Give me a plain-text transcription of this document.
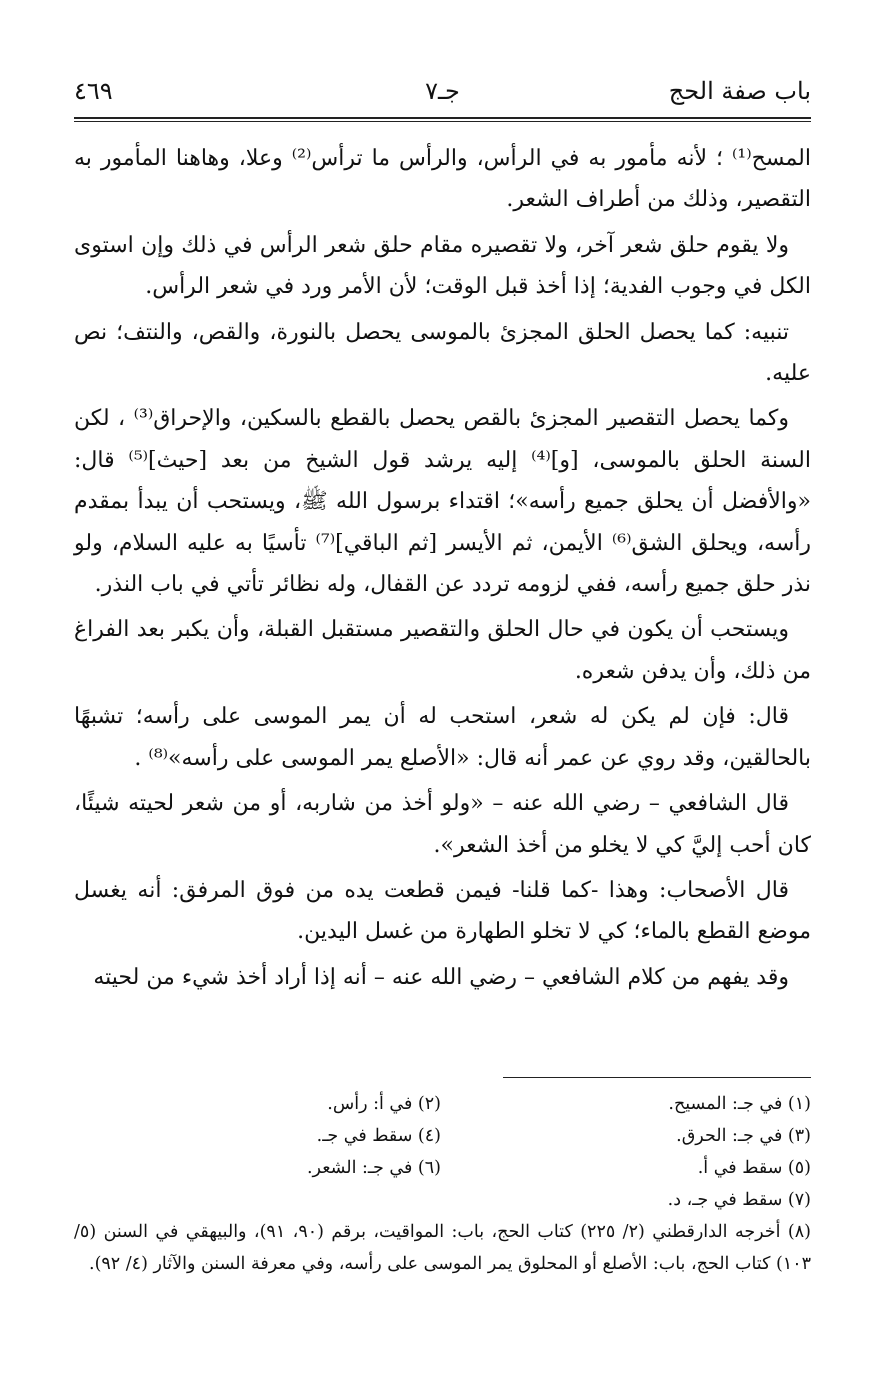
باب صفة الحج
جـ٧
٤٦٩

المسح⁽¹⁾ ؛ لأنه مأمور به في الرأس، والرأس ما ترأس⁽²⁾ وعلا، وهاهنا المأمور به التقصير، وذلك من أطراف الشعر.

ولا يقوم حلق شعر آخر، ولا تقصيره مقام حلق شعر الرأس في ذلك وإن استوى الكل في وجوب الفدية؛ إذا أخذ قبل الوقت؛ لأن الأمر ورد في شعر الرأس.

تنبيه: كما يحصل الحلق المجزئ بالموسى يحصل بالنورة، والقص، والنتف؛ نص عليه.

وكما يحصل التقصير المجزئ بالقص يحصل بالقطع بالسكين، والإحراق⁽³⁾ ، لكن السنة الحلق بالموسى، [و]⁽⁴⁾ إليه يرشد قول الشيخ من بعد [حيث]⁽⁵⁾ قال: «والأفضل أن يحلق جميع رأسه»؛ اقتداء برسول الله ﷺ، ويستحب أن يبدأ بمقدم رأسه، ويحلق الشق⁽⁶⁾ الأيمن، ثم الأيسر [ثم الباقي]⁽⁷⁾ تأسيًا به عليه السلام، ولو نذر حلق جميع رأسه، ففي لزومه تردد عن القفال، وله نظائر تأتي في باب النذر.

ويستحب أن يكون في حال الحلق والتقصير مستقبل القبلة، وأن يكبر بعد الفراغ من ذلك، وأن يدفن شعره.

قال: فإن لم يكن له شعر، استحب له أن يمر الموسى على رأسه؛ تشبهًا بالحالقين، وقد روي عن عمر أنه قال: «الأصلع يمر الموسى على رأسه»⁽⁸⁾ .

قال الشافعي – رضي الله عنه – «ولو أخذ من شاربه، أو من شعر لحيته شيئًا، كان أحب إليَّ كي لا يخلو من أخذ الشعر».

قال الأصحاب: وهذا -كما قلنا- فيمن قطعت يده من فوق المرفق: أنه يغسل موضع القطع بالماء؛ كي لا تخلو الطهارة من غسل اليدين.

وقد يفهم من كلام الشافعي – رضي الله عنه – أنه إذا أراد أخذ شيء من لحيته

(١) في جـ: المسيح.
(٢) في أ: رأس.
(٣) في جـ: الحرق.
(٤) سقط في جـ.
(٥) سقط في أ.
(٦) في جـ: الشعر.
(٧) سقط في جـ، د.

(٨) أخرجه الدارقطني (٢/ ٢٢٥) كتاب الحج، باب: المواقيت، برقم (٩٠، ٩١)، والبيهقي في السنن (٥/ ١٠٣) كتاب الحج، باب: الأصلع أو المحلوق يمر الموسى على رأسه، وفي معرفة السنن والآثار (٤/ ٩٢).
